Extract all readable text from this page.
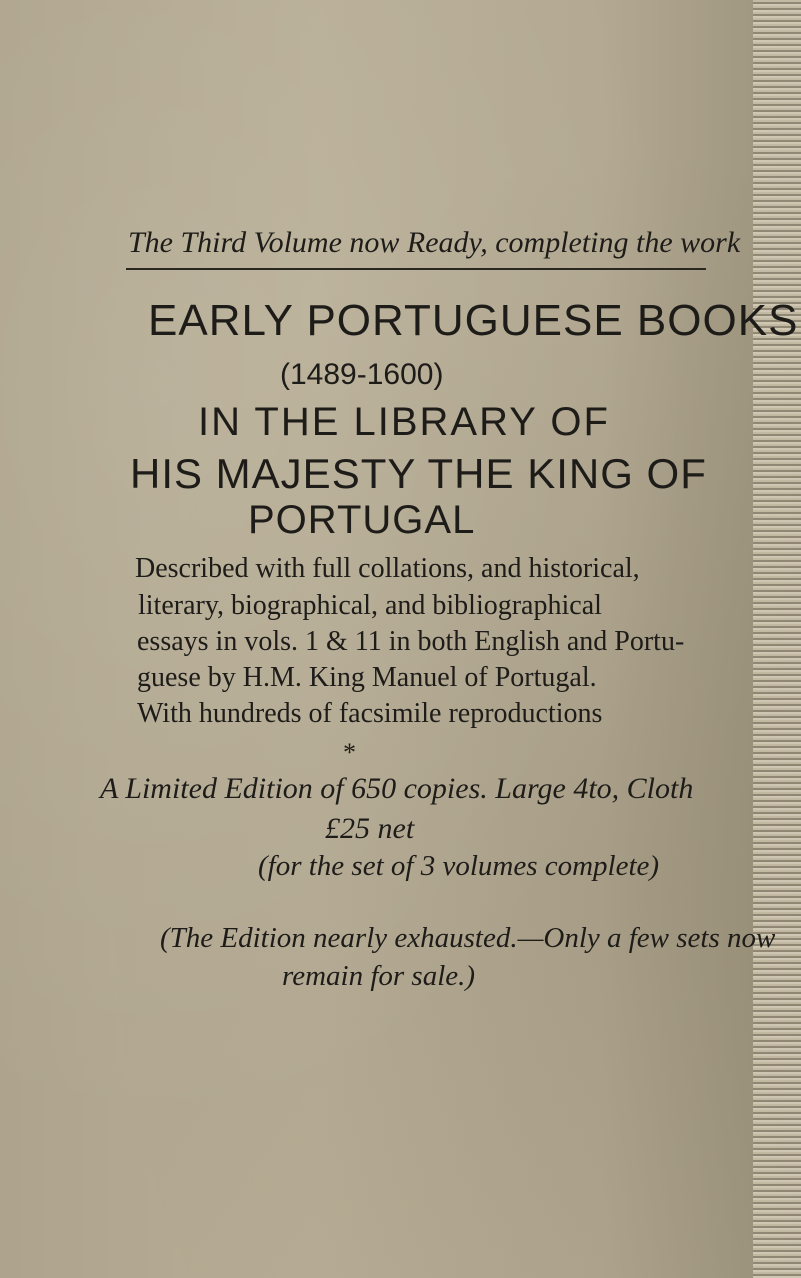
The Third Volume now Ready, completing the work
EARLY PORTUGUESE BOOKS
(1489-1600)
IN THE LIBRARY OF
HIS MAJESTY THE KING OF
PORTUGAL
Described with full collations, and historical,
literary, biographical, and bibliographical
essays in vols. 1 & 11 in both English and Portu-
guese by H.M. King Manuel of Portugal.
With hundreds of facsimile reproductions
*
A Limited Edition of 650 copies. Large 4to, Cloth
£25 net
(for the set of 3 volumes complete)
(The Edition nearly exhausted.—Only a few sets now
remain for sale.)
